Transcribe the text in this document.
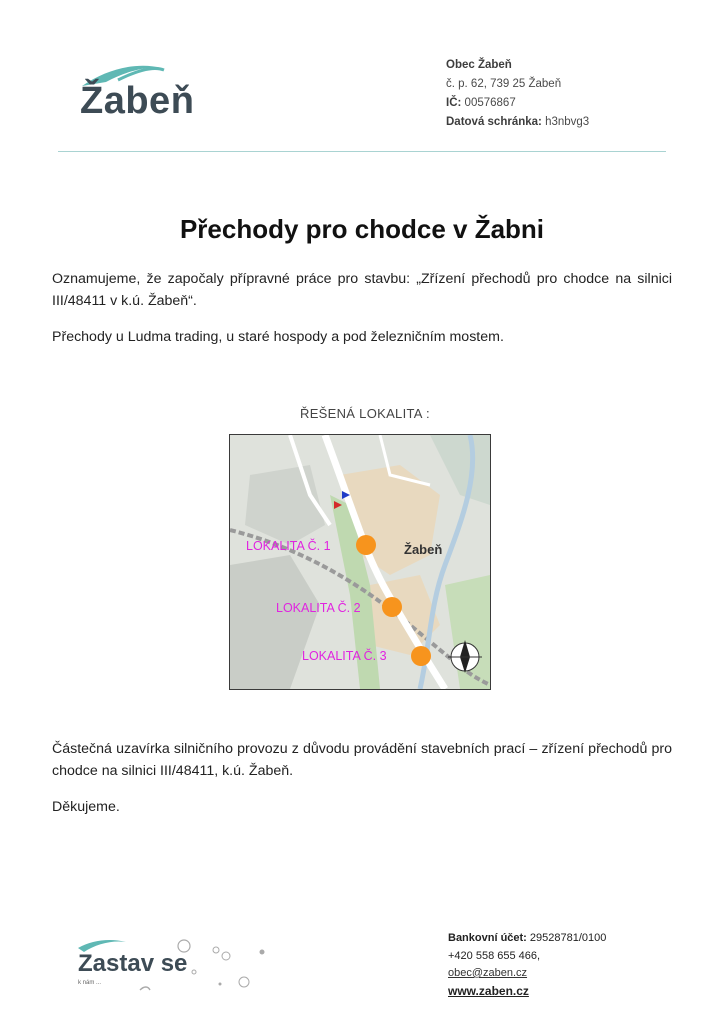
Žabeň
Obec Žabeň
č. p. 62, 739 25 Žabeň
IČ: 00576867
Datová schránka: h3nbvg3
Přechody pro chodce v Žabni
Oznamujeme, že započaly přípravné práce pro stavbu: „Zřízení přechodů pro chodce na silnici III/48411 v k.ú. Žabeň“.
Přechody u Ludma trading, u staré hospody a pod železničním mostem.
ŘEŠENÁ LOKALITA :
Žabeň
LOKALITA Č. 1
LOKALITA Č. 2
LOKALITA Č. 3
Částečná uzavírka silničního provozu z důvodu provádění stavebních prací – zřízení přechodů pro chodce na silnici III/48411, k.ú. Žabeň.
Děkujeme.
Zastav se
k nám ...
Bankovní účet: 29528781/0100
+420 558 655 466,
obec@zaben.cz
www.zaben.cz
